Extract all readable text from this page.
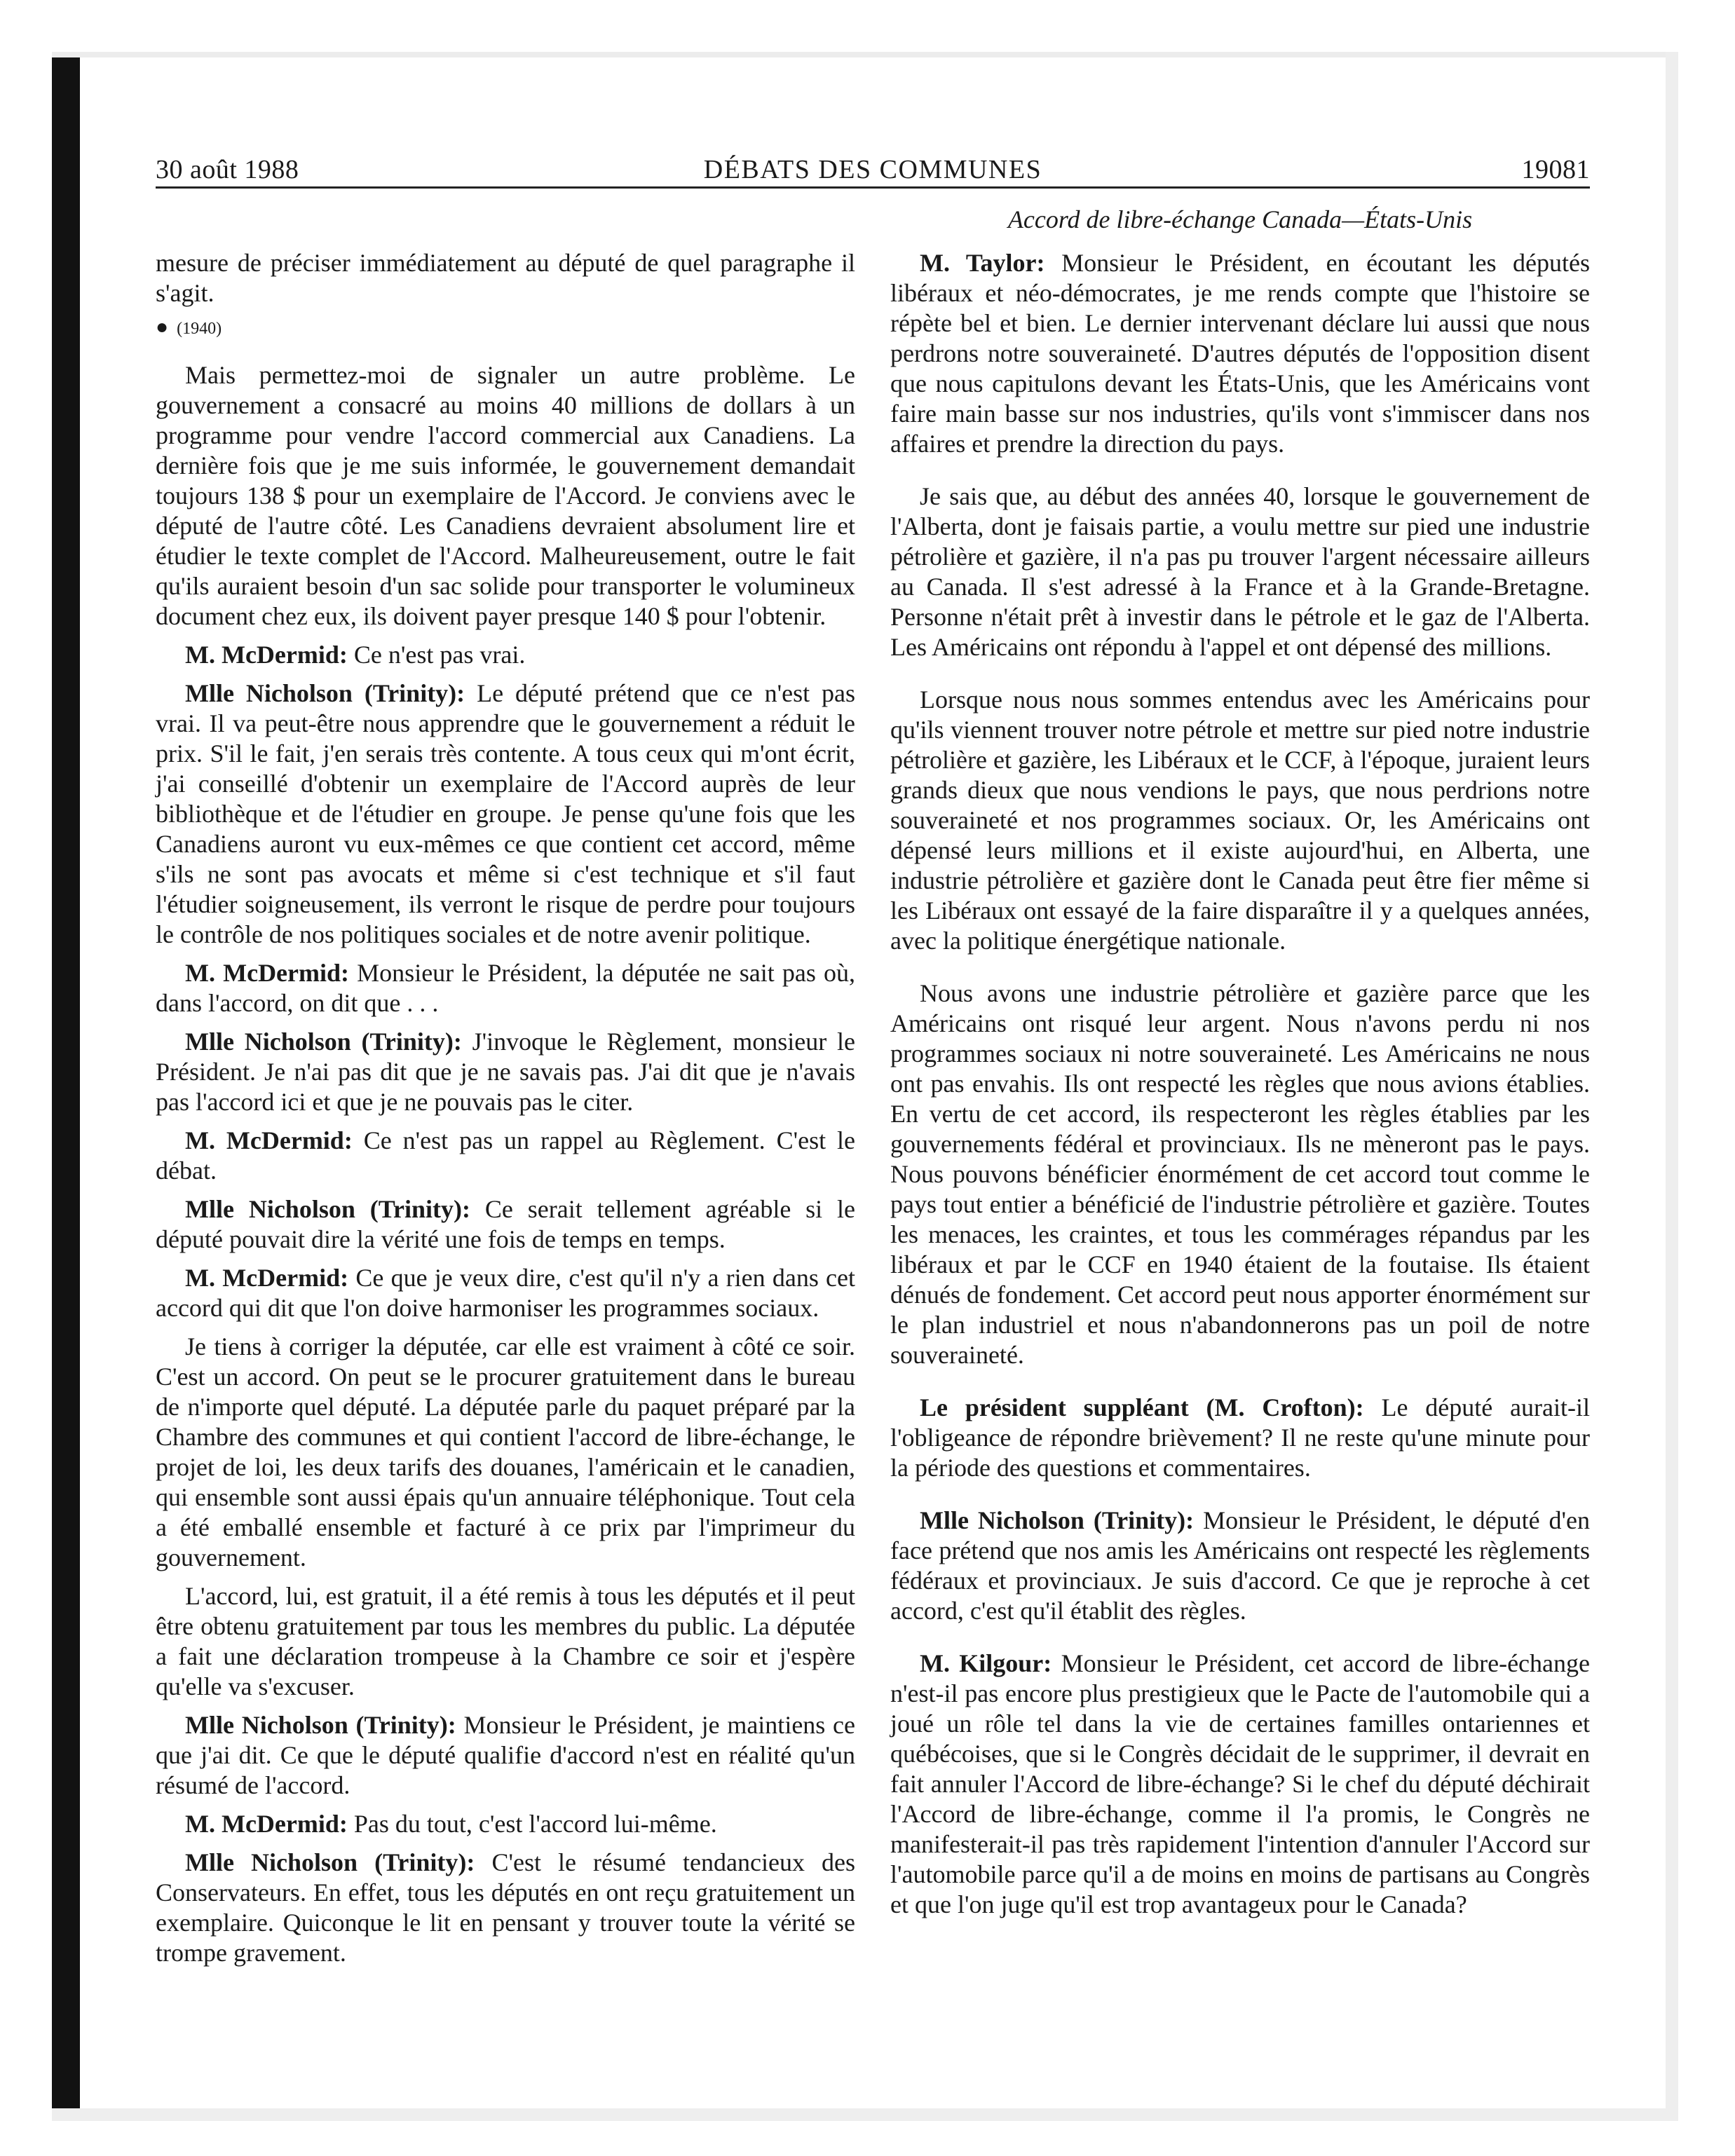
30 août 1988	DÉBATS DES COMMUNES	19081
Accord de libre-échange Canada—États-Unis

mesure de préciser immédiatement au député de quel paragraphe il s'agit.

● (1940)

Mais permettez-moi de signaler un autre problème. Le gouvernement a consacré au moins 40 millions de dollars à un programme pour vendre l'accord commercial aux Canadiens. La dernière fois que je me suis informée, le gouvernement demandait toujours 138 $ pour un exemplaire de l'Accord. Je conviens avec le député de l'autre côté. Les Canadiens devraient absolument lire et étudier le texte complet de l'Accord. Malheureusement, outre le fait qu'ils auraient besoin d'un sac solide pour transporter le volumineux document chez eux, ils doivent payer presque 140 $ pour l'obtenir.

M. McDermid: Ce n'est pas vrai.

Mlle Nicholson (Trinity): Le député prétend que ce n'est pas vrai. Il va peut-être nous apprendre que le gouvernement a réduit le prix. S'il le fait, j'en serais très contente. A tous ceux qui m'ont écrit, j'ai conseillé d'obtenir un exemplaire de l'Accord auprès de leur bibliothèque et de l'étudier en groupe. Je pense qu'une fois que les Canadiens auront vu eux-mêmes ce que contient cet accord, même s'ils ne sont pas avocats et même si c'est technique et s'il faut l'étudier soigneusement, ils verront le risque de perdre pour toujours le contrôle de nos politiques sociales et de notre avenir politique.

M. McDermid: Monsieur le Président, la députée ne sait pas où, dans l'accord, on dit que . . .

Mlle Nicholson (Trinity): J'invoque le Règlement, monsieur le Président. Je n'ai pas dit que je ne savais pas. J'ai dit que je n'avais pas l'accord ici et que je ne pouvais pas le citer.

M. McDermid: Ce n'est pas un rappel au Règlement. C'est le débat.

Mlle Nicholson (Trinity): Ce serait tellement agréable si le député pouvait dire la vérité une fois de temps en temps.

M. McDermid: Ce que je veux dire, c'est qu'il n'y a rien dans cet accord qui dit que l'on doive harmoniser les programmes sociaux.

Je tiens à corriger la députée, car elle est vraiment à côté ce soir. C'est un accord. On peut se le procurer gratuitement dans le bureau de n'importe quel député. La députée parle du paquet préparé par la Chambre des communes et qui contient l'accord de libre-échange, le projet de loi, les deux tarifs des douanes, l'américain et le canadien, qui ensemble sont aussi épais qu'un annuaire téléphonique. Tout cela a été emballé ensemble et facturé à ce prix par l'imprimeur du gouvernement.

L'accord, lui, est gratuit, il a été remis à tous les députés et il peut être obtenu gratuitement par tous les membres du public. La députée a fait une déclaration trompeuse à la Chambre ce soir et j'espère qu'elle va s'excuser.

Mlle Nicholson (Trinity): Monsieur le Président, je maintiens ce que j'ai dit. Ce que le député qualifie d'accord n'est en réalité qu'un résumé de l'accord.

M. McDermid: Pas du tout, c'est l'accord lui-même.

Mlle Nicholson (Trinity): C'est le résumé tendancieux des Conservateurs. En effet, tous les députés en ont reçu gratuitement un exemplaire. Quiconque le lit en pensant y trouver toute la vérité se trompe gravement.

M. Taylor: Monsieur le Président, en écoutant les députés libéraux et néo-démocrates, je me rends compte que l'histoire se répète bel et bien. Le dernier intervenant déclare lui aussi que nous perdrons notre souveraineté. D'autres députés de l'opposition disent que nous capitulons devant les États-Unis, que les Américains vont faire main basse sur nos industries, qu'ils vont s'immiscer dans nos affaires et prendre la direction du pays.

Je sais que, au début des années 40, lorsque le gouvernement de l'Alberta, dont je faisais partie, a voulu mettre sur pied une industrie pétrolière et gazière, il n'a pas pu trouver l'argent nécessaire ailleurs au Canada. Il s'est adressé à la France et à la Grande-Bretagne. Personne n'était prêt à investir dans le pétrole et le gaz de l'Alberta. Les Américains ont répondu à l'appel et ont dépensé des millions.

Lorsque nous nous sommes entendus avec les Américains pour qu'ils viennent trouver notre pétrole et mettre sur pied notre industrie pétrolière et gazière, les Libéraux et le CCF, à l'époque, juraient leurs grands dieux que nous vendions le pays, que nous perdrions notre souveraineté et nos programmes sociaux. Or, les Américains ont dépensé leurs millions et il existe aujourd'hui, en Alberta, une industrie pétrolière et gazière dont le Canada peut être fier même si les Libéraux ont essayé de la faire disparaître il y a quelques années, avec la politique énergétique nationale.

Nous avons une industrie pétrolière et gazière parce que les Américains ont risqué leur argent. Nous n'avons perdu ni nos programmes sociaux ni notre souveraineté. Les Américains ne nous ont pas envahis. Ils ont respecté les règles que nous avions établies. En vertu de cet accord, ils respecteront les règles établies par les gouvernements fédéral et provinciaux. Ils ne mèneront pas le pays. Nous pouvons bénéficier énormément de cet accord tout comme le pays tout entier a bénéficié de l'industrie pétrolière et gazière. Toutes les menaces, les craintes, et tous les commérages répandus par les libéraux et par le CCF en 1940 étaient de la foutaise. Ils étaient dénués de fondement. Cet accord peut nous apporter énormément sur le plan industriel et nous n'abandonnerons pas un poil de notre souveraineté.

Le président suppléant (M. Crofton): Le député aurait-il l'obligeance de répondre brièvement? Il ne reste qu'une minute pour la période des questions et commentaires.

Mlle Nicholson (Trinity): Monsieur le Président, le député d'en face prétend que nos amis les Américains ont respecté les règlements fédéraux et provinciaux. Je suis d'accord. Ce que je reproche à cet accord, c'est qu'il établit des règles.

M. Kilgour: Monsieur le Président, cet accord de libre-échange n'est-il pas encore plus prestigieux que le Pacte de l'automobile qui a joué un rôle tel dans la vie de certaines familles ontariennes et québécoises, que si le Congrès décidait de le supprimer, il devrait en fait annuler l'Accord de libre-échange? Si le chef du député déchirait l'Accord de libre-échange, comme il l'a promis, le Congrès ne manifesterait-il pas très rapidement l'intention d'annuler l'Accord sur l'automobile parce qu'il a de moins en moins de partisans au Congrès et que l'on juge qu'il est trop avantageux pour le Canada?
